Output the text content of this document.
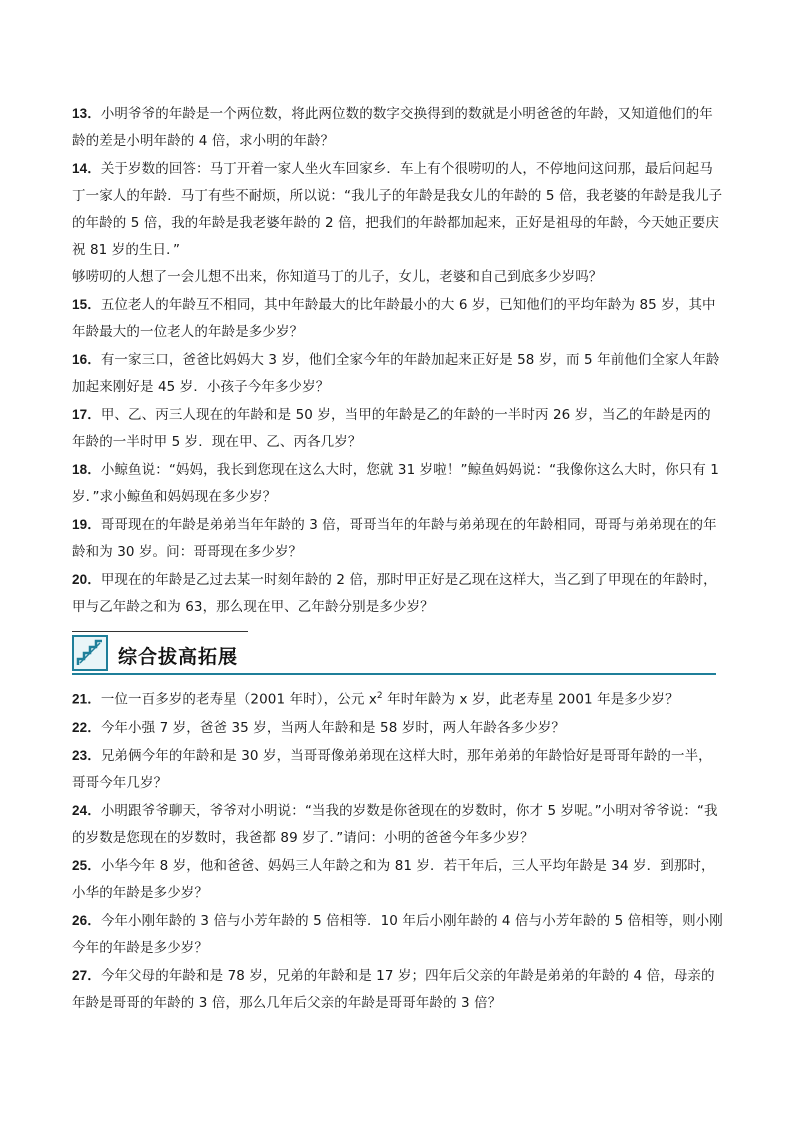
13．小明爷爷的年龄是一个两位数，将此两位数的数字交换得到的数就是小明爸爸的年龄，又知道他们的年龄的差是小明年龄的 4 倍，求小明的年龄？

14．关于岁数的回答：马丁开着一家人坐火车回家乡．车上有个很唠叨的人，不停地问这问那，最后问起马丁一家人的年龄．马丁有些不耐烦，所以说：“我儿子的年龄是我女儿的年龄的 5 倍，我老婆的年龄是我儿子的年龄的 5 倍，我的年龄是我老婆年龄的 2 倍，把我们的年龄都加起来，正好是祖母的年龄，今天她正要庆祝 81 岁的生日．”

够唠叨的人想了一会儿想不出来，你知道马丁的儿子，女儿，老婆和自己到底多少岁吗？

15．五位老人的年龄互不相同，其中年龄最大的比年龄最小的大 6 岁，已知他们的平均年龄为 85 岁，其中年龄最大的一位老人的年龄是多少岁？

16．有一家三口，爸爸比妈妈大 3 岁，他们全家今年的年龄加起来正好是 58 岁，而 5 年前他们全家人年龄加起来刚好是 45 岁．小孩子今年多少岁？

17．甲、乙、丙三人现在的年龄和是 50 岁，当甲的年龄是乙的年龄的一半时丙 26 岁，当乙的年龄是丙的年龄的一半时甲 5 岁．现在甲、乙、丙各几岁？

18．小鲸鱼说：“妈妈，我长到您现在这么大时，您就 31 岁啦！”鲸鱼妈妈说：“我像你这么大时，你只有 1 岁．”求小鲸鱼和妈妈现在多少岁？

19．哥哥现在的年龄是弟弟当年年龄的 3 倍，哥哥当年的年龄与弟弟现在的年龄相同，哥哥与弟弟现在的年龄和为 30 岁。问：哥哥现在多少岁？

20．甲现在的年龄是乙过去某一时刻年龄的 2 倍，那时甲正好是乙现在这样大，当乙到了甲现在的年龄时，甲与乙年龄之和为 63，那么现在甲、乙年龄分别是多少岁？

综合拔高拓展

21．一位一百多岁的老寿星（2001 年时），公元 $x^2$ 年时年龄为 x 岁，此老寿星 2001 年是多少岁？

22．今年小强 7 岁，爸爸 35 岁，当两人年龄和是 58 岁时，两人年龄各多少岁？

23．兄弟俩今年的年龄和是 30 岁，当哥哥像弟弟现在这样大时，那年弟弟的年龄恰好是哥哥年龄的一半，哥哥今年几岁？

24．小明跟爷爷聊天，爷爷对小明说：“当我的岁数是你爸现在的岁数时，你才 5 岁呢。”小明对爷爷说：“我的岁数是您现在的岁数时，我爸都 89 岁了．”请问：小明的爸爸今年多少岁？

25．小华今年 8 岁，他和爸爸、妈妈三人年龄之和为 81 岁．若干年后，三人平均年龄是 34 岁．到那时，小华的年龄是多少岁？

26．今年小刚年龄的 3 倍与小芳年龄的 5 倍相等．10 年后小刚年龄的 4 倍与小芳年龄的 5 倍相等，则小刚今年的年龄是多少岁？

27．今年父母的年龄和是 78 岁，兄弟的年龄和是 17 岁；四年后父亲的年龄是弟弟的年龄的 4 倍，母亲的年龄是哥哥的年龄的 3 倍，那么几年后父亲的年龄是哥哥年龄的 3 倍？
